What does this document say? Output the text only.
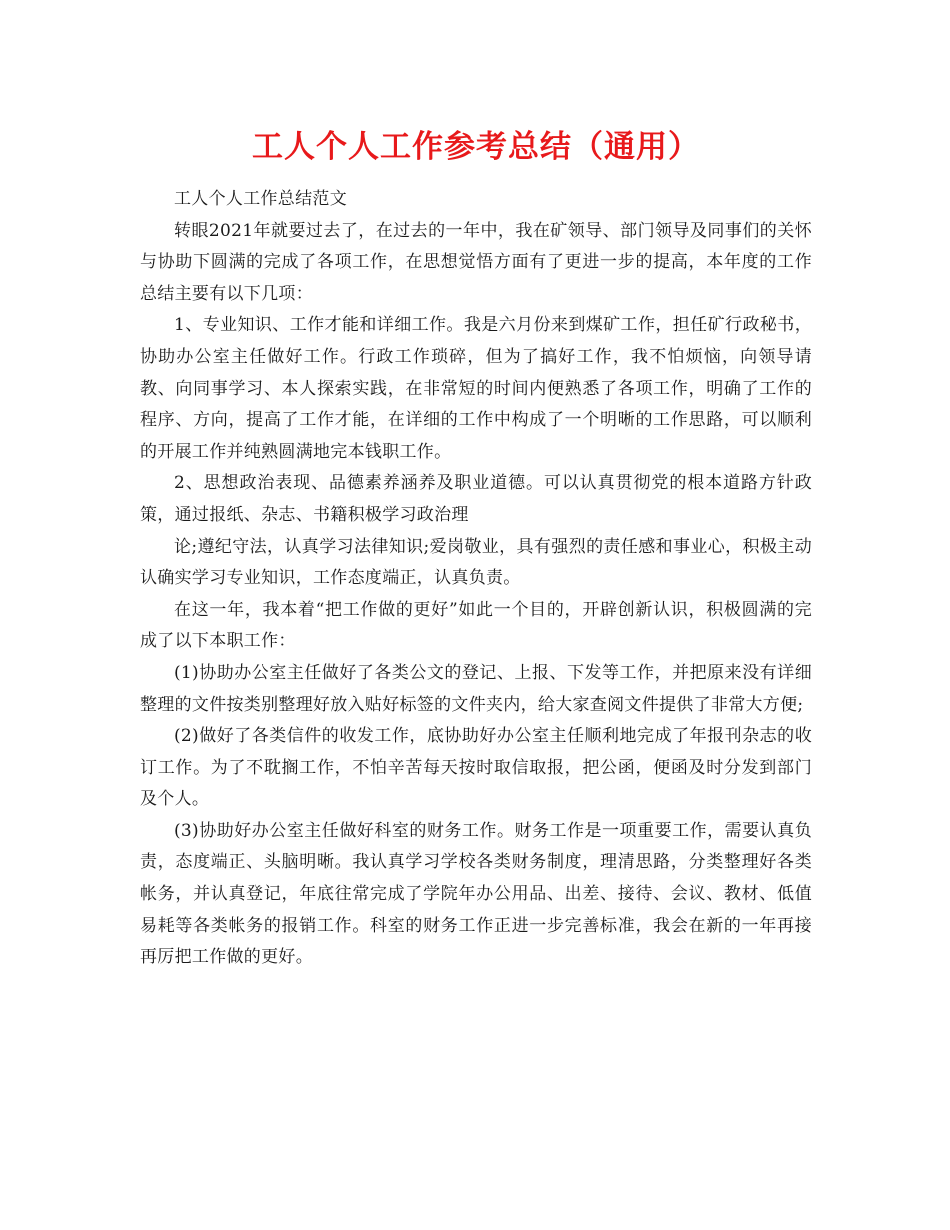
工人个人工作参考总结（通用）

工人个人工作总结范文

转眼2021年就要过去了，在过去的一年中，我在矿领导、部门领导及同事们的关怀与协助下圆满的完成了各项工作，在思想觉悟方面有了更进一步的提高，本年度的工作总结主要有以下几项：

1、专业知识、工作才能和详细工作。我是六月份来到煤矿工作，担任矿行政秘书，协助办公室主任做好工作。行政工作琐碎，但为了搞好工作，我不怕烦恼，向领导请教、向同事学习、本人探索实践，在非常短的时间内便熟悉了各项工作，明确了工作的程序、方向，提高了工作才能，在详细的工作中构成了一个明晰的工作思路，可以顺利的开展工作并纯熟圆满地完本钱职工作。

2、思想政治表现、品德素养涵养及职业道德。可以认真贯彻党的根本道路方针政策，通过报纸、杂志、书籍积极学习政治理

论;遵纪守法，认真学习法律知识;爱岗敬业，具有强烈的责任感和事业心，积极主动认确实学习专业知识，工作态度端正，认真负责。

在这一年，我本着“把工作做的更好”如此一个目的，开辟创新认识，积极圆满的完成了以下本职工作：

(1)协助办公室主任做好了各类公文的登记、上报、下发等工作，并把原来没有详细整理的文件按类别整理好放入贴好标签的文件夹内，给大家查阅文件提供了非常大方便;

(2)做好了各类信件的收发工作，底协助好办公室主任顺利地完成了年报刊杂志的收订工作。为了不耽搁工作，不怕辛苦每天按时取信取报，把公函，便函及时分发到部门及个人。

(3)协助好办公室主任做好科室的财务工作。财务工作是一项重要工作，需要认真负责，态度端正、头脑明晰。我认真学习学校各类财务制度，理清思路，分类整理好各类帐务，并认真登记，年底往常完成了学院年办公用品、出差、接待、会议、教材、低值易耗等各类帐务的报销工作。科室的财务工作正进一步完善标准，我会在新的一年再接再厉把工作做的更好。
